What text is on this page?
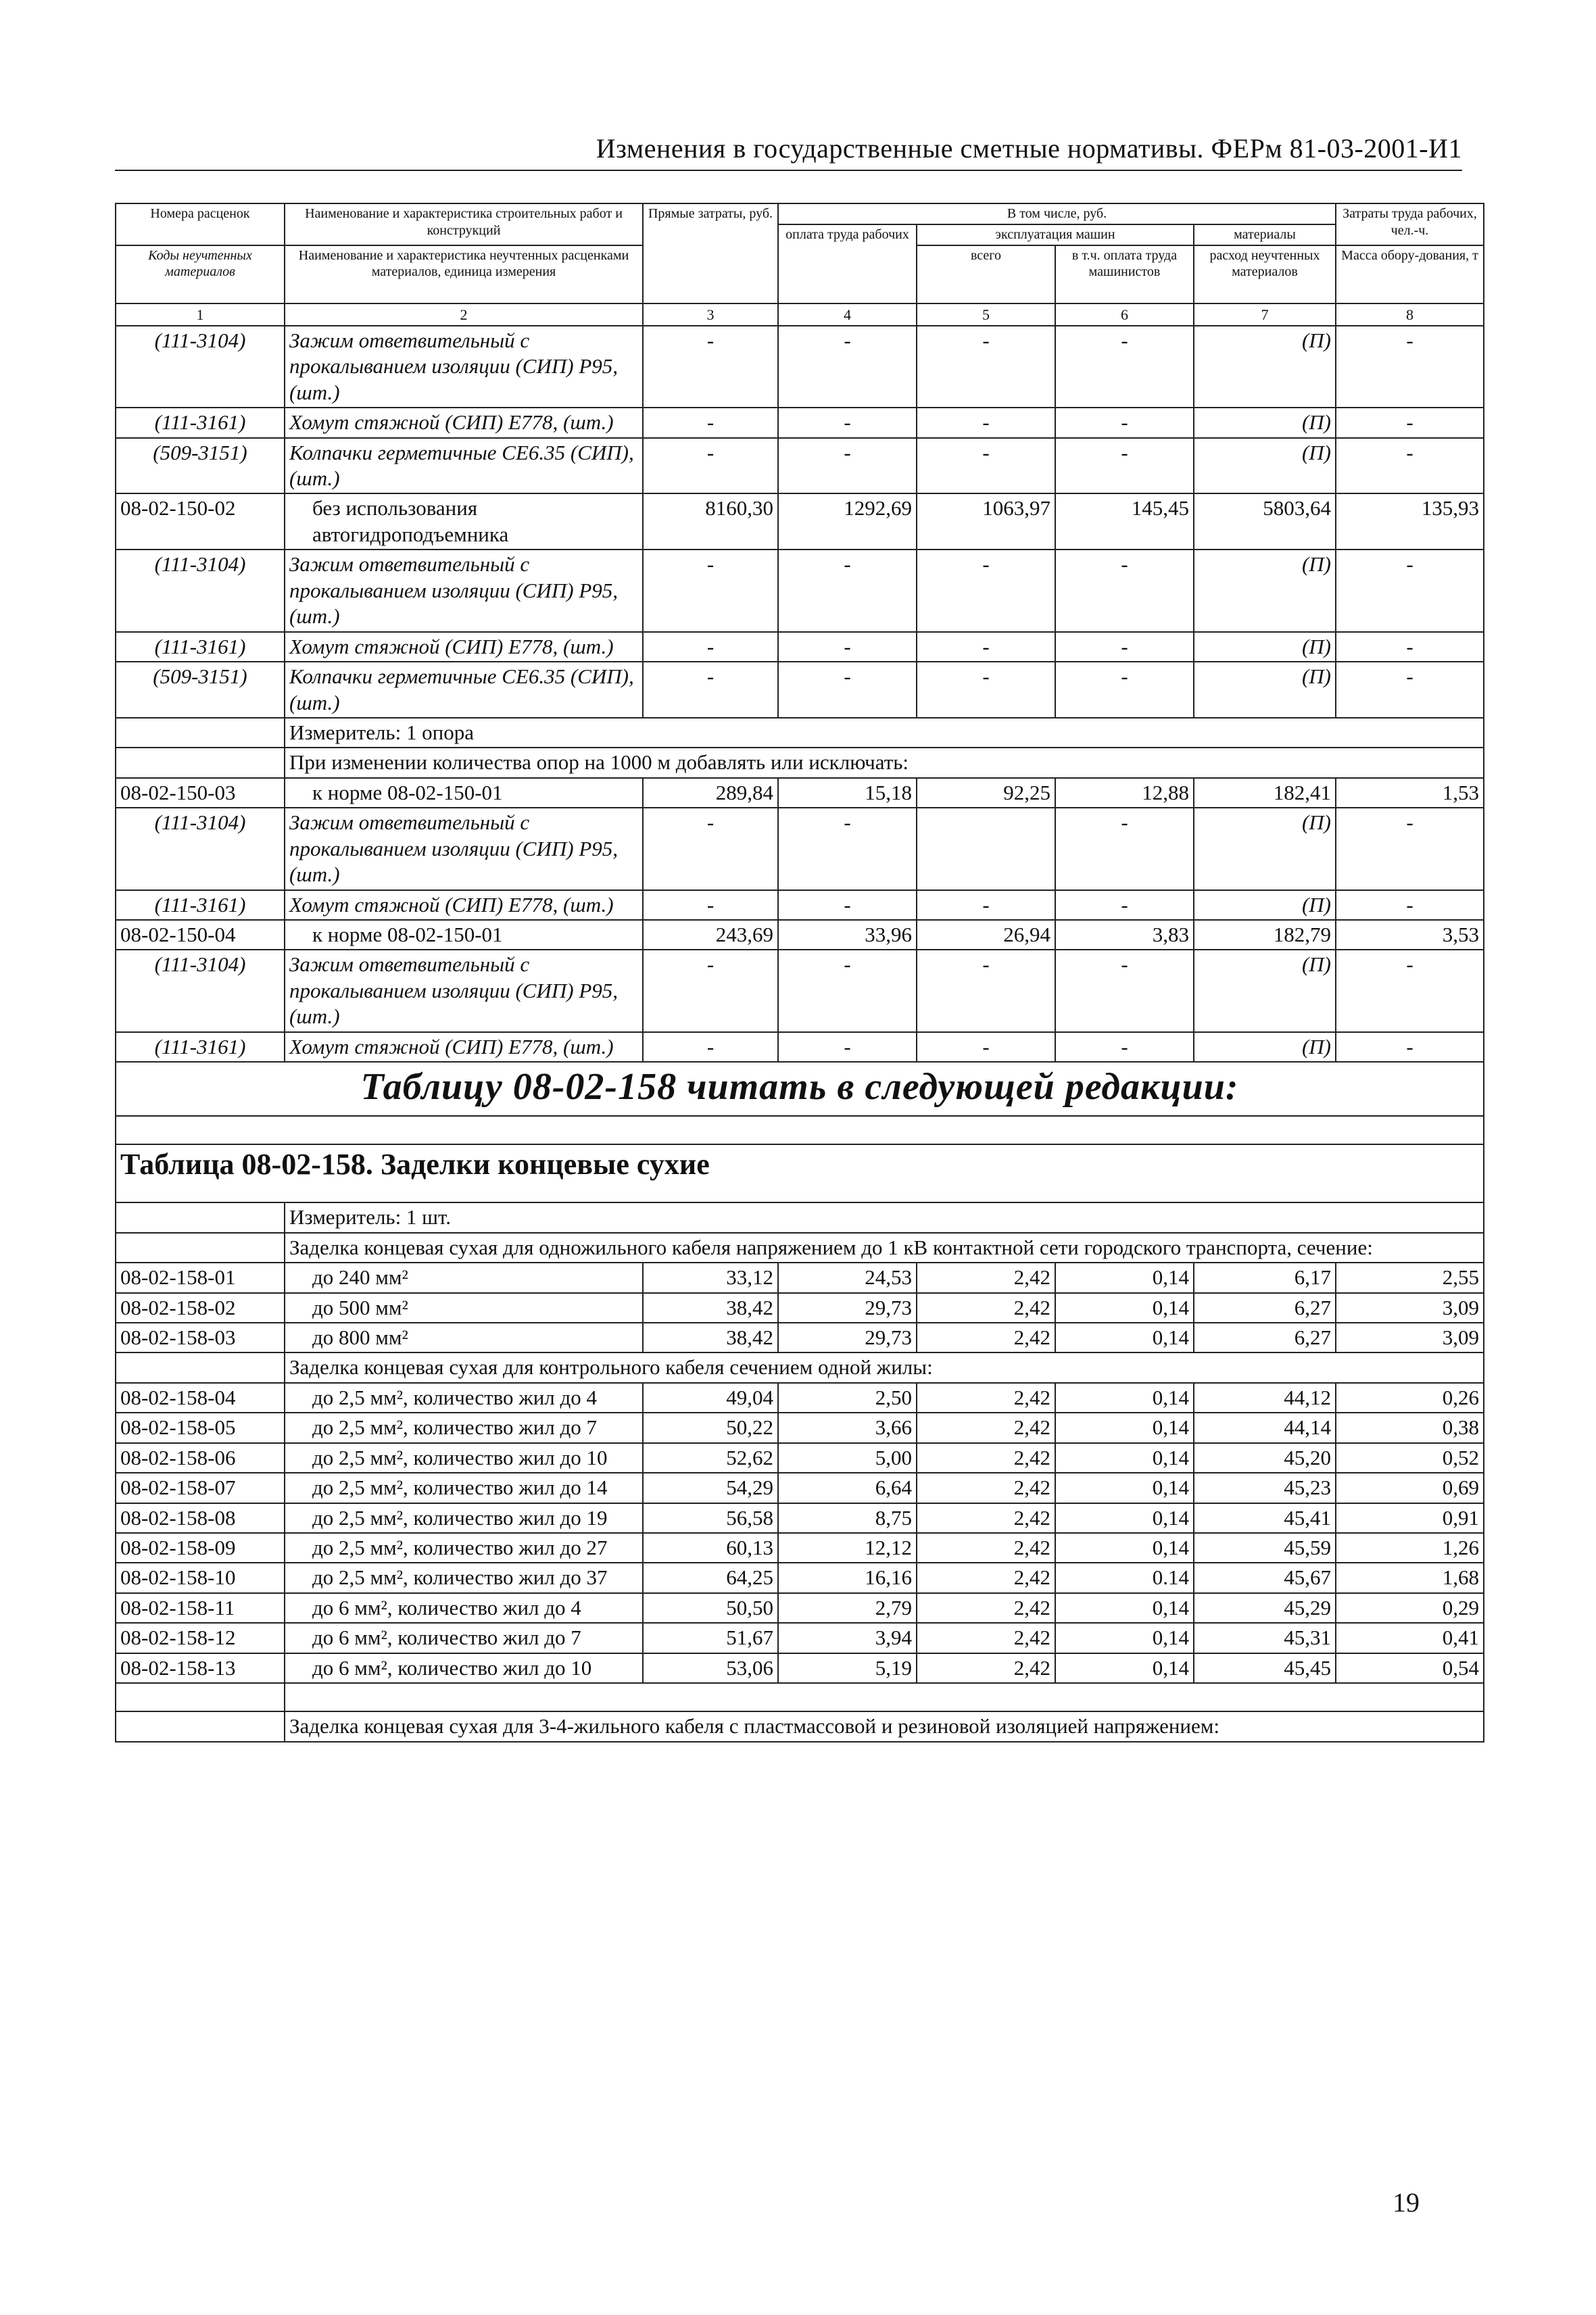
Изменения в государственные сметные нормативы. ФЕРм 81-03-2001-И1
Номера расценок	Наименование и характеристика строительных работ и конструкций	Прямые затраты, руб.	В том числе, руб.				Затраты труда рабочих, чел.-ч.
			оплата труда рабочих	эксплуатация машин		материалы	
Коды неучтенных материалов	Наименование и характеристика неучтенных расценками материалов, единица измерения			всего	в т.ч. оплата труда машинистов	расход неучтенных материалов	Масса обору-дования, т
1	2	3	4	5	6	7	8
(111-3104)	Зажим ответвительный с прокалыванием изоляции (СИП) P95, (шт.)	-	-	-	-	(П)	-
(111-3161)	Хомут стяжной (СИП) E778, (шт.)	-	-	-	-	(П)	-
(509-3151)	Колпачки герметичные CE6.35 (СИП), (шт.)	-	-	-	-	(П)	-
08-02-150-02	без использования автогидроподъемника	8160,30	1292,69	1063,97	145,45	5803,64	135,93
(111-3104)	Зажим ответвительный с прокалыванием изоляции (СИП) P95, (шт.)	-	-	-	-	(П)	-
(111-3161)	Хомут стяжной (СИП) E778, (шт.)	-	-	-	-	(П)	-
(509-3151)	Колпачки герметичные CE6.35 (СИП), (шт.)	-	-	-	-	(П)	-
	Измеритель: 1 опора						
	При изменении количества опор на 1000 м добавлять или исключать:						
08-02-150-03	к норме 08-02-150-01	289,84	15,18	92,25	12,88	182,41	1,53
(111-3104)	Зажим ответвительный с прокалыванием изоляции (СИП) P95, (шт.)	-	-		-	(П)	-
(111-3161)	Хомут стяжной (СИП) E778, (шт.)	-	-	-	-	(П)	-
08-02-150-04	к норме 08-02-150-01	243,69	33,96	26,94	3,83	182,79	3,53
(111-3104)	Зажим ответвительный с прокалыванием изоляции (СИП) P95, (шт.)	-	-	-	-	(П)	-
(111-3161)	Хомут стяжной (СИП) E778, (шт.)	-	-	-	-	(П)	-
Таблицу 08-02-158 читать в следующей редакции:							

Таблица 08-02-158. Заделки концевые сухие							
	Измеритель: 1 шт.						
	Заделка концевая сухая для одножильного кабеля напряжением до 1 кВ контактной сети городского транспорта, сечение:						
08-02-158-01	до 240 мм²	33,12	24,53	2,42	0,14	6,17	2,55
08-02-158-02	до 500 мм²	38,42	29,73	2,42	0,14	6,27	3,09
08-02-158-03	до 800 мм²	38,42	29,73	2,42	0,14	6,27	3,09
	Заделка концевая сухая для контрольного кабеля сечением одной жилы:						
08-02-158-04	до 2,5 мм², количество жил до 4	49,04	2,50	2,42	0,14	44,12	0,26
08-02-158-05	до 2,5 мм², количество жил до 7	50,22	3,66	2,42	0,14	44,14	0,38
08-02-158-06	до 2,5 мм², количество жил до 10	52,62	5,00	2,42	0,14	45,20	0,52
08-02-158-07	до 2,5 мм², количество жил до 14	54,29	6,64	2,42	0,14	45,23	0,69
08-02-158-08	до 2,5 мм², количество жил до 19	56,58	8,75	2,42	0,14	45,41	0,91
08-02-158-09	до 2,5 мм², количество жил до 27	60,13	12,12	2,42	0,14	45,59	1,26
08-02-158-10	до 2,5 мм², количество жил до 37	64,25	16,16	2,42	0.14	45,67	1,68
08-02-158-11	до 6 мм², количество жил до 4	50,50	2,79	2,42	0,14	45,29	0,29
08-02-158-12	до 6 мм², количество жил до 7	51,67	3,94	2,42	0,14	45,31	0,41
08-02-158-13	до 6 мм², количество жил до 10	53,06	5,19	2,42	0,14	45,45	0,54

	Заделка концевая сухая для 3-4-жильного кабеля с пластмассовой и резиновой изоляцией напряжением:						
19
